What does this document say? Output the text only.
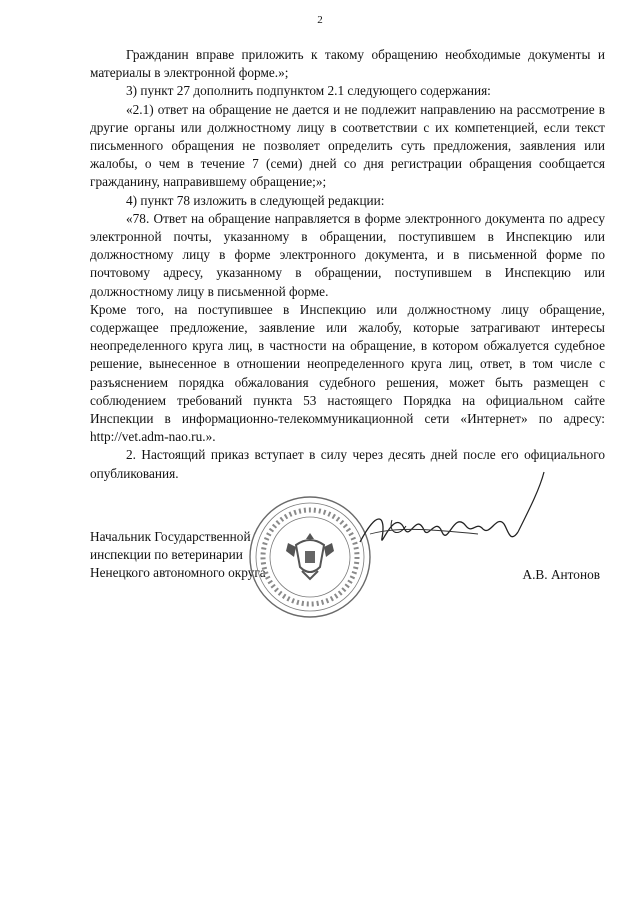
2

Гражданин вправе приложить к такому обращению необходимые документы и материалы в электронной форме.»;

3) пункт 27 дополнить подпунктом 2.1 следующего содержания:

«2.1) ответ на обращение не дается и не подлежит направлению на рассмотрение в другие органы или должностному лицу в соответствии с их компетенцией, если текст письменного обращения не позволяет определить суть предложения, заявления или жалобы, о чем в течение 7 (семи) дней со дня регистрации обращения сообщается гражданину, направившему обращение;»;

4) пункт 78 изложить в следующей редакции:

«78. Ответ на обращение направляется в форме электронного документа по адресу электронной почты, указанному в обращении, поступившем в Инспекцию или должностному лицу в форме электронного документа, и в письменной форме по почтовому адресу, указанному в обращении, поступившем в Инспекцию или должностному лицу в письменной форме.

Кроме того, на поступившее в Инспекцию или должностному лицу обращение, содержащее предложение, заявление или жалобу, которые затрагивают интересы неопределенного круга лиц, в частности на обращение, в котором обжалуется судебное решение, вынесенное в отношении неопределенного круга лиц, ответ, в том числе с разъяснением порядка обжалования судебного решения, может быть размещен с соблюдением требований пункта 53 настоящего Порядка на официальном сайте Инспекции в информационно-телекоммуникационной сети «Интернет» по адресу: http://vet.adm-nao.ru.».

2. Настоящий приказ вступает в силу через десять дней после его официального опубликования.

Начальник Государственной
инспекции по ветеринарии
Ненецкого автономного округа	А.В. Антонов
